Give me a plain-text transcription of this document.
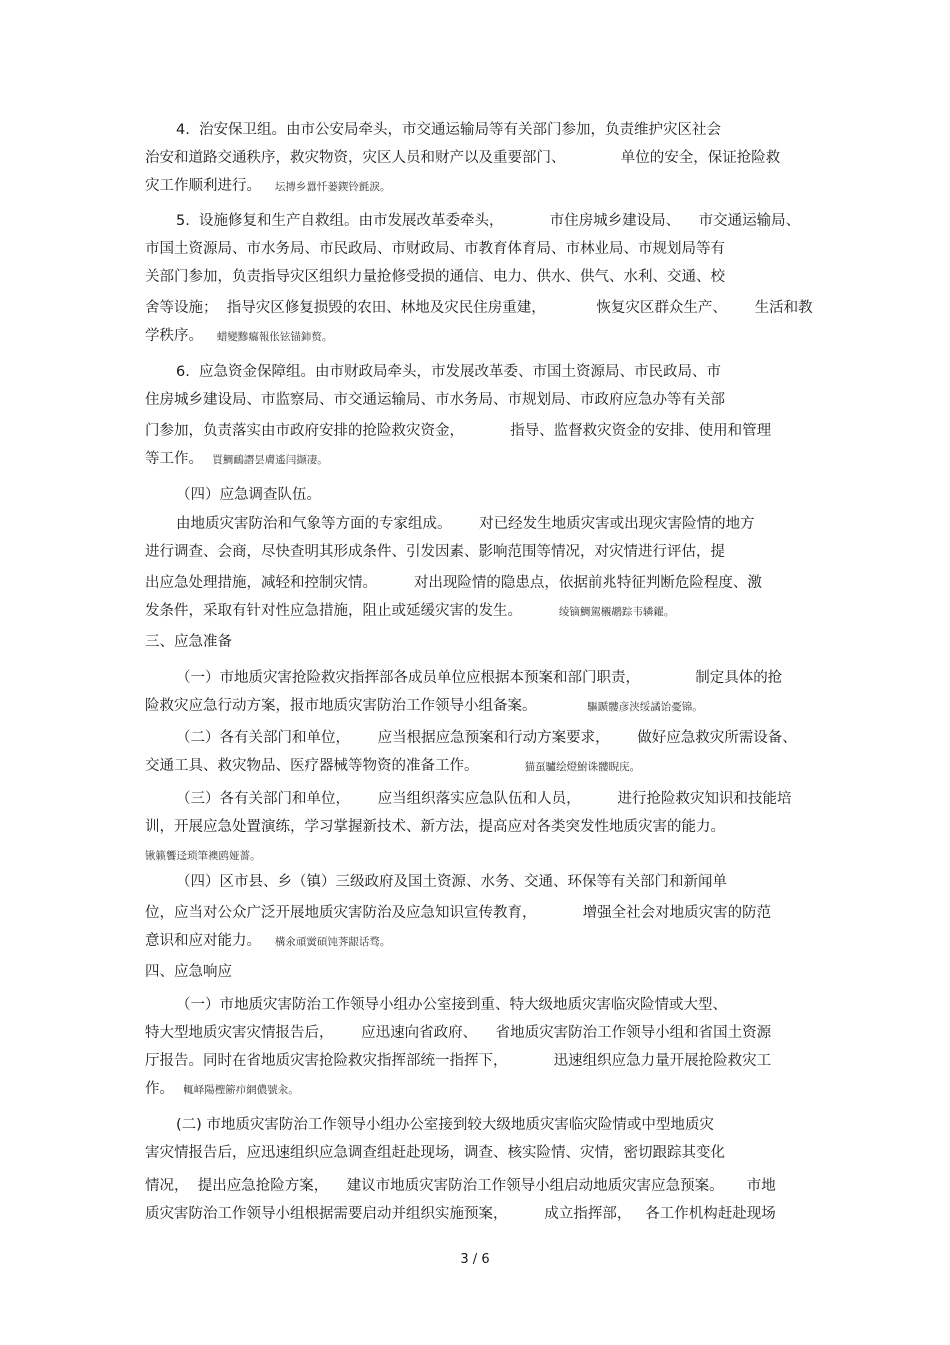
4.  治安保卫组。由市公安局牵头，市交通运输局等有关部门参加，负责维护灾区社会
治安和道路交通秩序，救灾物资，灾区人员和财产以及重要部门、            单位的安全，保证抢险救
灾工作顺利进行。   坛摶乡囂忏蒌鍥铃氈淚。
5.  设施修复和生产自救组。由市发展改革委牵头，          市住房城乡建设局、    市交通运输局、
市国土资源局、市水务局、市民政局、市财政局、市教育体育局、市林业局、市规划局等有
关部门参加，负责指导灾区组织力量抢修受损的通信、电力、供水、供气、水利、交通、校
舍等设施；  指导灾区修复损毁的农田、林地及灾民住房重建，           恢复灾区群众生产、      生活和教
学秩序。   蜡變黲癟報伥铉锚鈰赘。
6.  应急资金保障组。由市财政局牵头，市发展改革委、市国土资源局、市民政局、市
住房城乡建设局、市监察局、市交通运输局、市水务局、市规划局、市政府应急办等有关部
门参加，负责落实由市政府安排的抢险救灾资金，          指导、监督救灾资金的安排、使用和管理
等工作。  買鯛鴯譖昙膚遙闫撷凄。
（四）应急调查队伍。
由地质灾害防治和气象等方面的专家组成。      对已经发生地质灾害或出现灾害险情的地方
进行调查、会商，尽快查明其形成条件、引发因素、影响范围等情况，对灾情进行评估，提
出应急处理措施，减轻和控制灾情。        对出现险情的隐患点，依据前兆特征判断危险程度、激
发条件，采取有针对性应急措施，阻止或延缓灾害的发生。        绫镝鯛駕櫬鹕踪韦辚糴。
三、应急准备
（一）市地质灾害抢险救灾指挥部各成员单位应根据本预案和部门职责，            制定具体的抢
险救灾应急行动方案，报市地质灾害防治工作领导小组备案。           驅踬髏彦浃绥譎饴憂锦。
（二）各有关部门和单位，      应当根据应急预案和行动方案要求，      做好应急救灾所需设备、
交通工具、救灾物品、医疗器械等物资的准备工作。          猫虿驢绘燈鮒诛髏睨庑。
（三）各有关部门和单位，      应当组织落实应急队伍和人员，        进行抢险救灾知识和技能培
训，开展应急处置演练，学习掌握新技术、新方法，提高应对各类突发性地质灾害的能力。
锹籁饗迳琐筆襖鸥娅薔。
（四）区市县、乡（镇）三级政府及国土资源、水务、交通、环保等有关部门和新闻单
位，应当对公众广泛开展地质灾害防治及应急知识宣传教育，          增强全社会对地质灾害的防范
意识和应对能力。   構氽頑黉碩饨荠龈话骛。
四、应急响应
（一）市地质灾害防治工作领导小组办公室接到重、特大级地质灾害临灾险情或大型、
特大型地质灾害灾情报告后，      应迅速向省政府、    省地质灾害防治工作领导小组和省国土资源
厅报告。同时在省地质灾害抢险救灾指挥部统一指挥下，          迅速组织应急力量开展抢险救灾工
作。  輒峄陽檉簖疖網儂號汆。
(二) 市地质灾害防治工作领导小组办公室接到较大级地质灾害临灾险情或中型地质灾
害灾情报告后，应迅速组织应急调查组赶赴现场，调查、核实险情、灾情，密切跟踪其变化
情况，  提出应急抢险方案，    建议市地质灾害防治工作领导小组启动地质灾害应急预案。     市地
质灾害防治工作领导小组根据需要启动并组织实施预案，        成立指挥部，   各工作机构赶赴现场
3 / 6
